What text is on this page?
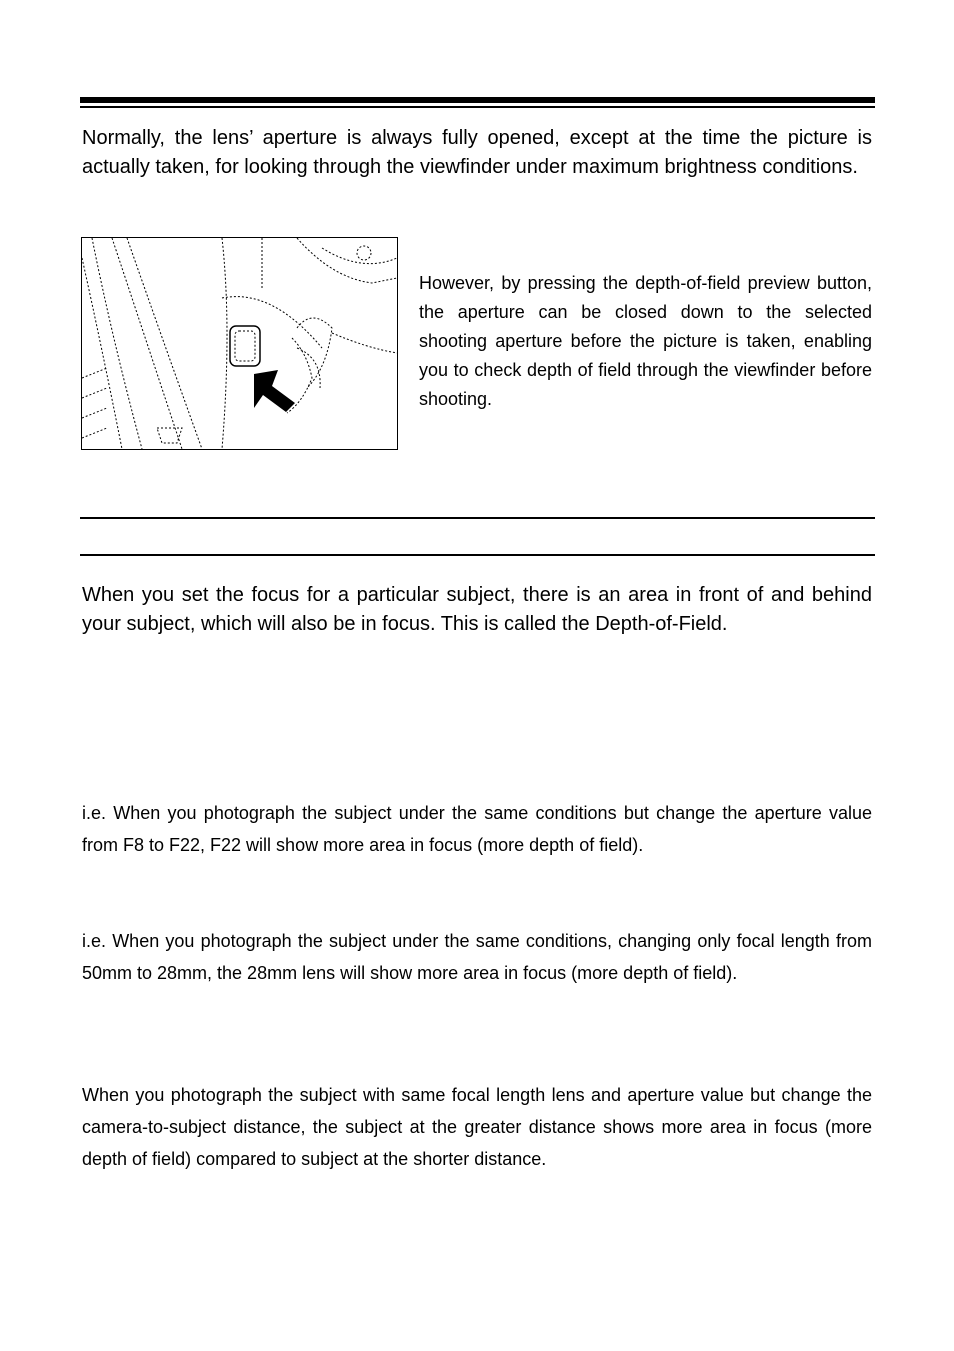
Normally, the lens’ aperture is always fully opened, except at the time the picture is actually taken, for looking through the viewfinder under maximum brightness conditions.

However, by pressing the depth-of-field preview button, the aperture can be closed down to the selected shooting aperture before the picture is taken, enabling you to check depth of field through the viewfinder before shooting.

When you set the focus for a particular subject, there is an area in front of and behind your subject, which will also be in focus. This is called the Depth-of-Field.

i.e. When you photograph the subject under the same conditions but change the aperture value from F8 to F22, F22 will show more area in focus (more depth of field).

i.e. When you photograph the subject under the same conditions, changing only focal length from 50mm to 28mm, the 28mm lens will show more area in focus (more depth of field).

When you photograph the subject with same focal length lens and aperture value but change the camera-to-subject distance, the subject at the greater distance shows more area in focus (more depth of field) compared to subject at the shorter distance.
